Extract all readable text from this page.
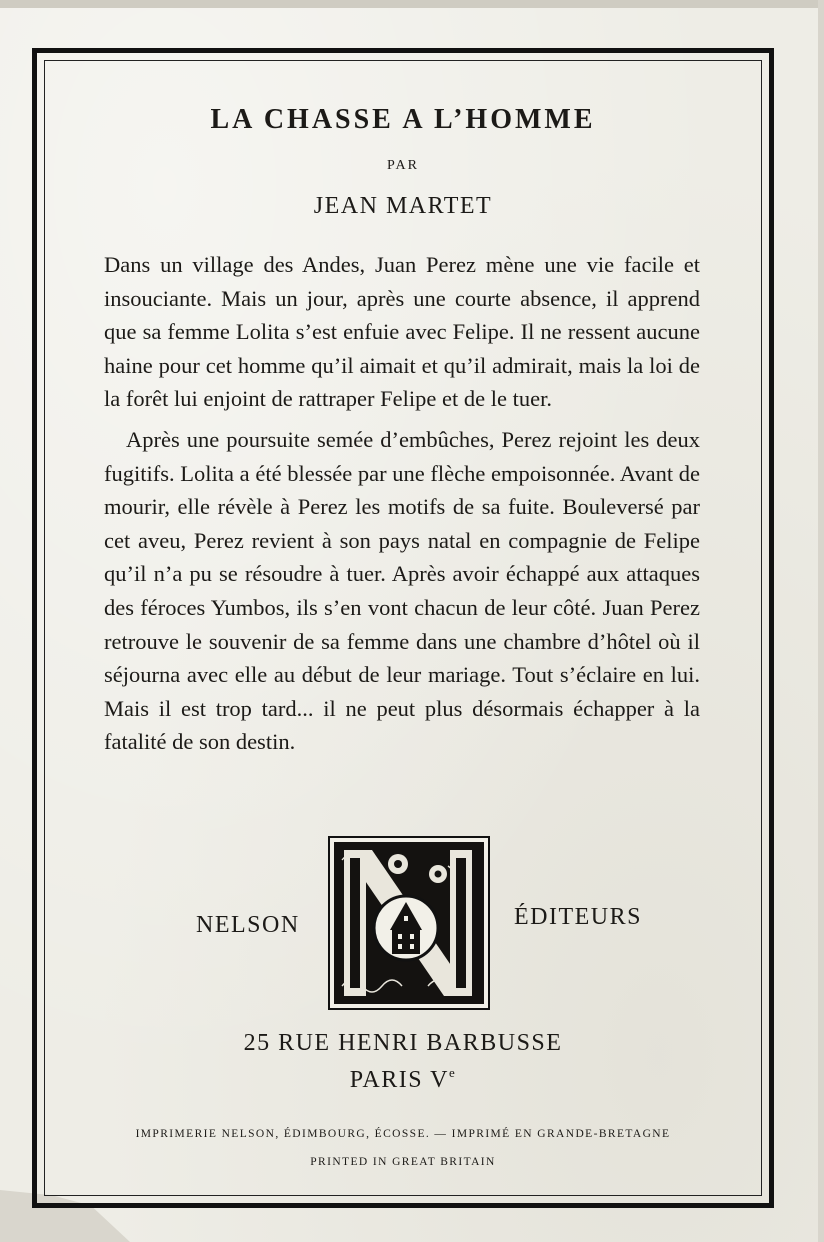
LA CHASSE A L’HOMME
PAR
JEAN MARTET

Dans un village des Andes, Juan Perez mène une vie facile et insouciante. Mais un jour, après une courte absence, il apprend que sa femme Lolita s’est enfuie avec Felipe. Il ne ressent aucune haine pour cet homme qu’il aimait et qu’il admirait, mais la loi de la forêt lui enjoint de rattraper Felipe et de le tuer.

Après une poursuite semée d’embûches, Perez rejoint les deux fugitifs. Lolita a été blessée par une flèche empoisonnée. Avant de mourir, elle révèle à Perez les motifs de sa fuite. Bouleversé par cet aveu, Perez revient à son pays natal en compagnie de Felipe qu’il n’a pu se résoudre à tuer. Après avoir échappé aux attaques des féroces Yumbos, ils s’en vont chacun de leur côté. Juan Perez retrouve le souvenir de sa femme dans une chambre d’hôtel où il séjourna avec elle au début de leur mariage. Tout s’éclaire en lui. Mais il est trop tard... il ne peut plus désormais échapper à la fatalité de son destin.

NELSON	ÉDITEURS
25 RUE HENRI BARBUSSE
PARIS Ve
IMPRIMERIE NELSON, ÉDIMBOURG, ÉCOSSE. — IMPRIMÉ EN GRANDE-BRETAGNE
PRINTED IN GREAT BRITAIN
